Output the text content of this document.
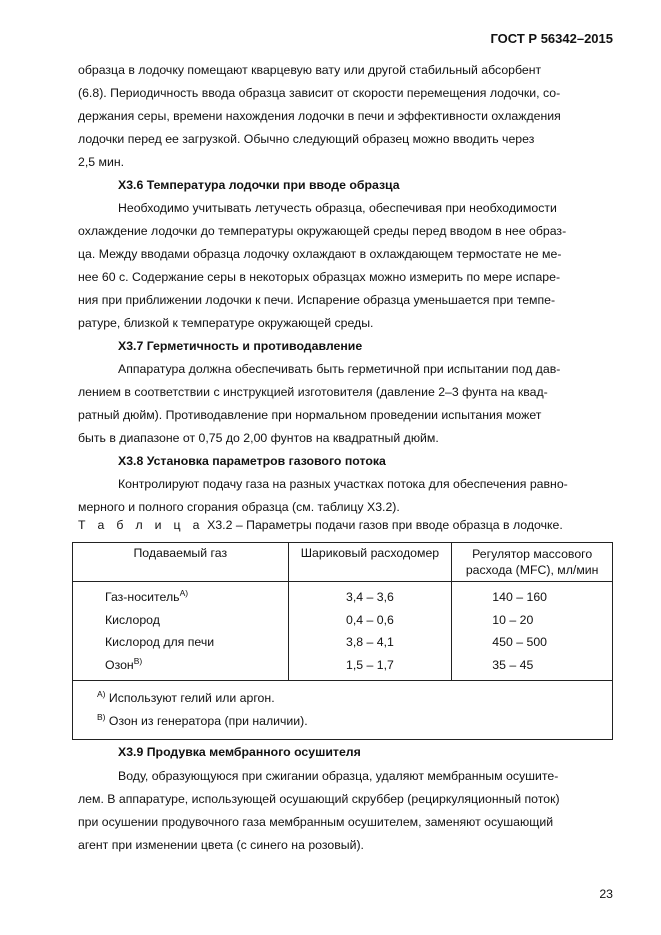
ГОСТ Р 56342–2015
образца в лодочку помещают кварцевую вату или другой стабильный абсорбент
(6.8). Периодичность ввода образца зависит от скорости перемещения лодочки, со-
держания серы, времени нахождения лодочки в печи и эффективности охлаждения
лодочки перед ее загрузкой. Обычно следующий образец можно вводить через
2,5 мин.
Х3.6 Температура лодочки при вводе образца
Необходимо учитывать летучесть образца, обеспечивая при необходимости
охлаждение лодочки до температуры окружающей среды перед вводом в нее образ-
ца. Между вводами образца лодочку охлаждают в охлаждающем термостате не ме-
нее 60 с. Содержание серы в некоторых образцах можно измерить по мере испаре-
ния при приближении лодочки к печи. Испарение образца уменьшается при темпе-
ратуре, близкой к температуре окружающей среды.
Х3.7 Герметичность и противодавление
Аппаратура должна обеспечивать быть герметичной при испытании под дав-
лением в соответствии с инструкцией изготовителя (давление 2–3 фунта на квад-
ратный дюйм). Противодавление при нормальном проведении испытания может
быть в диапазоне от 0,75 до 2,00 фунтов на квадратный дюйм.
Х3.8 Установка параметров газового потока
Контролируют подачу газа на разных участках потока для обеспечения равно-
мерного и полного сгорания образца (см. таблицу Х3.2).
Т а б л и ц а Х3.2 – Параметры подачи газов при вводе образца в лодочке.
Подаваемый газ	Шариковый расходомер	Регулятор массового
расхода (MFC), мл/мин

Газ-носитель$^{А)}$	3,4 – 3,6	140 – 160
Кислород	0,4 – 0,6	10 – 20
Кислород для печи	3,8 – 4,1	450 – 500
Озон$^{В)}$	1,5 – 1,7	35 – 45

$^{А)}$ Используют гелий или аргон.
$^{В)}$ Озон из генератора (при наличии).		
Х3.9 Продувка мембранного осушителя
Воду, образующуюся при сжигании образца, удаляют мембранным осушите-
лем. В аппаратуре, использующей осушающий скруббер (рециркуляционный поток)
при осушении продувочного газа мембранным осушителем, заменяют осушающий
агент при изменении цвета (с синего на розовый).
23
